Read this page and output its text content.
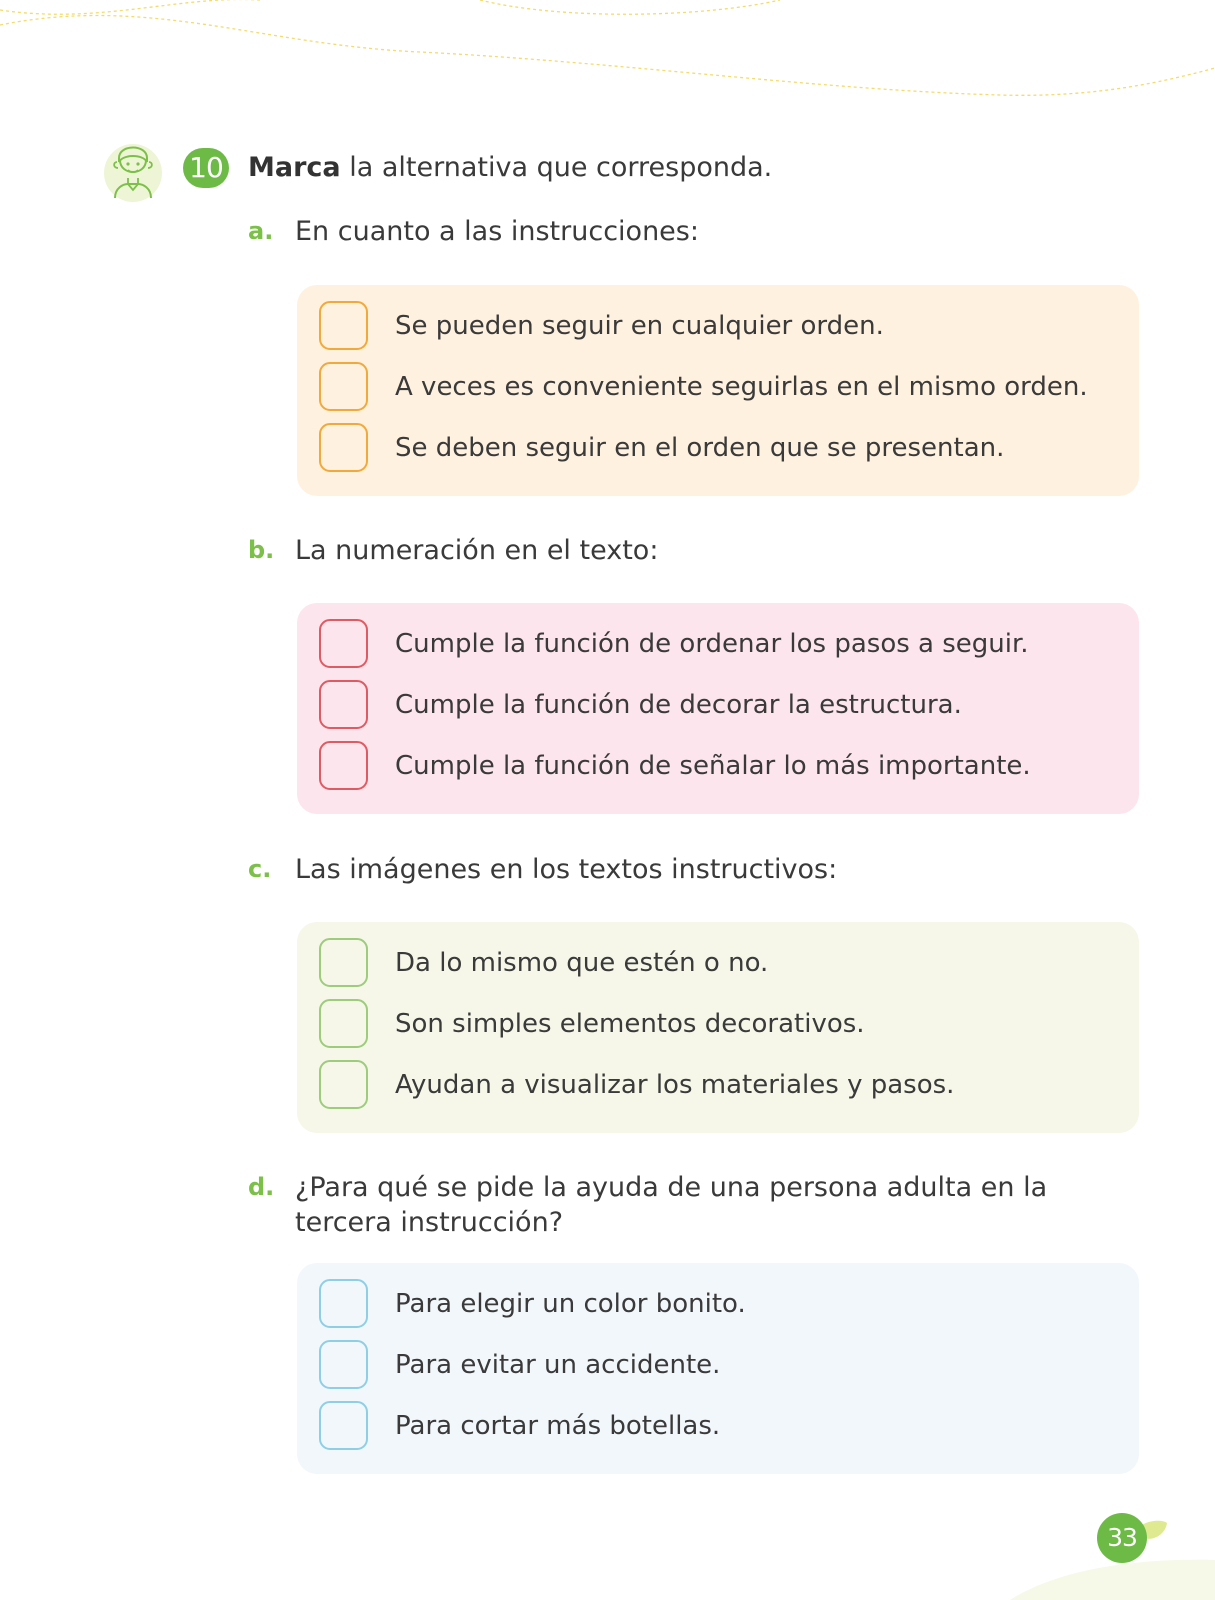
10 Marca la alternativa que corresponda.

a. En cuanto a las instrucciones:
Se pueden seguir en cualquier orden.
A veces es conveniente seguirlas en el mismo orden.
Se deben seguir en el orden que se presentan.
b. La numeración en el texto:
Cumple la función de ordenar los pasos a seguir.
Cumple la función de decorar la estructura.
Cumple la función de señalar lo más importante.
c. Las imágenes en los textos instructivos:
Da lo mismo que estén o no.
Son simples elementos decorativos.
Ayudan a visualizar los materiales y pasos.
d. ¿Para qué se pide la ayuda de una persona adulta en la tercera instrucción?
Para elegir un color bonito.
Para evitar un accidente.
Para cortar más botellas.
33
